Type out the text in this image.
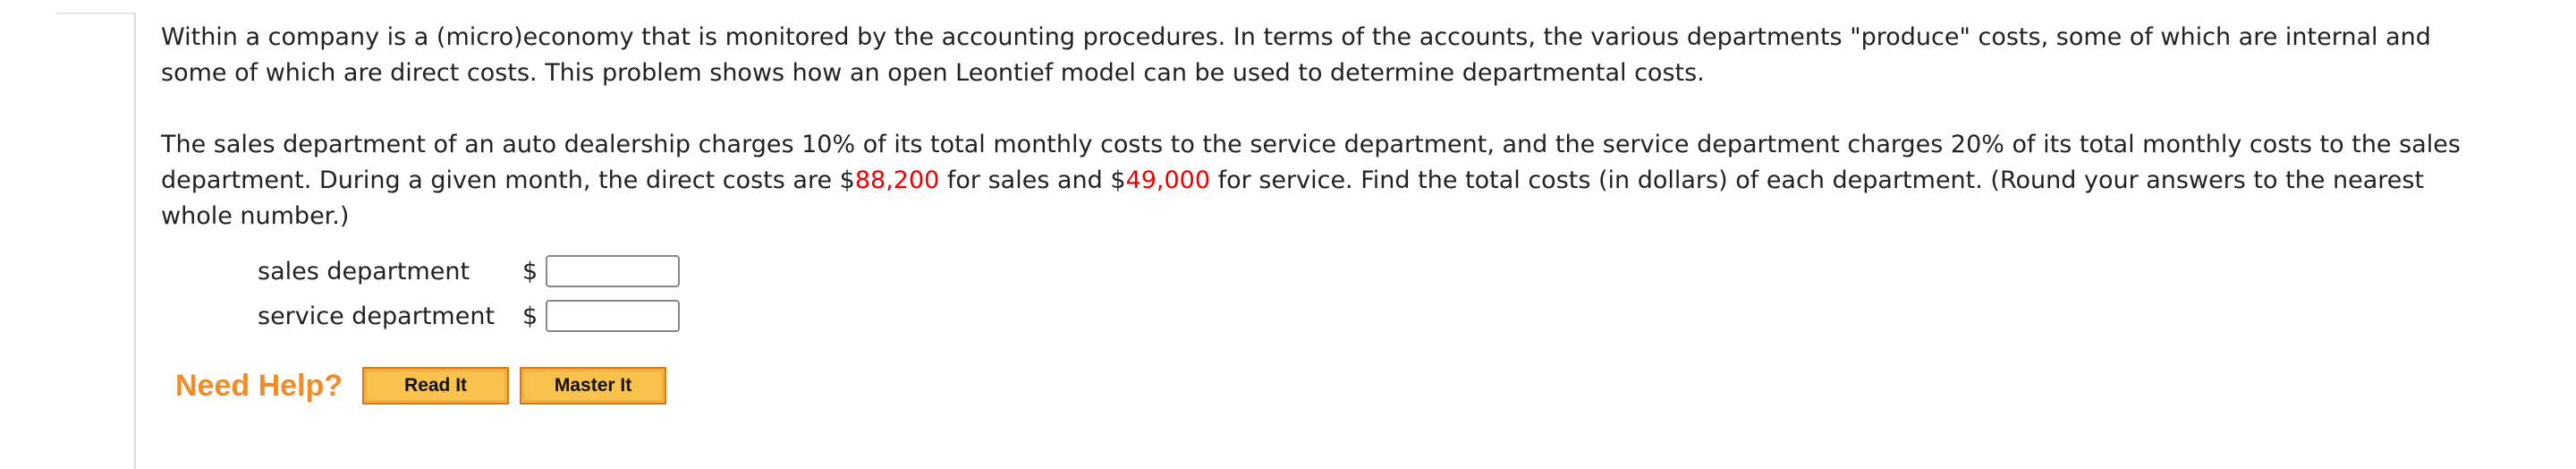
Within a company is a (micro)economy that is monitored by the accounting procedures. In terms of the accounts, the various departments "produce" costs, some of which are internal and some of which are direct costs. This problem shows how an open Leontief model can be used to determine departmental costs.

The sales department of an auto dealership charges 10% of its total monthly costs to the service department, and the service department charges 20% of its total monthly costs to the sales department. During a given month, the direct costs are $88,200 for sales and $49,000 for service. Find the total costs (in dollars) of each department. (Round your answers to the nearest whole number.)

sales department	$
service department	$
Need Help?	Read It	Master It
